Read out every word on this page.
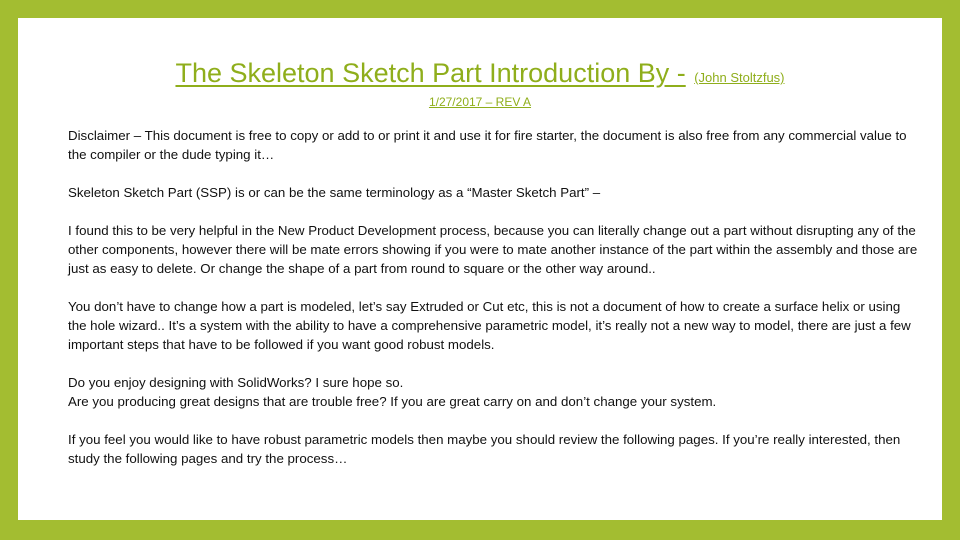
The Skeleton Sketch Part Introduction By - (John Stoltzfus)
1/27/2017 – REV A

Disclaimer – This document is free to copy or add to or print it and use it for fire starter, the document is also free from any commercial value to the compiler or the dude typing it…

Skeleton Sketch Part (SSP) is or can be the same terminology as a “Master Sketch Part” –

I found this to be very helpful in the New Product Development process, because you can literally change out a part without disrupting any of the other components, however there will be mate errors showing if you were to mate another instance of the part within the assembly and those are just as easy to delete. Or change the shape of a part from round to square or the other way around..

You don’t have to change how a part is modeled, let’s say Extruded or Cut etc, this is not a document of how to create a surface helix or using the hole wizard.. It’s a system with the ability to have a comprehensive parametric model, it’s really not a new way to model, there are just a few important steps that have to be followed if you want good robust models.

Do you enjoy designing with SolidWorks? I sure hope so.

Are you producing great designs that are trouble free? If you are great carry on and don’t change your system.

If you feel you would like to have robust parametric models then maybe you should review the following pages. If you’re really interested, then study the following pages and try the process…
